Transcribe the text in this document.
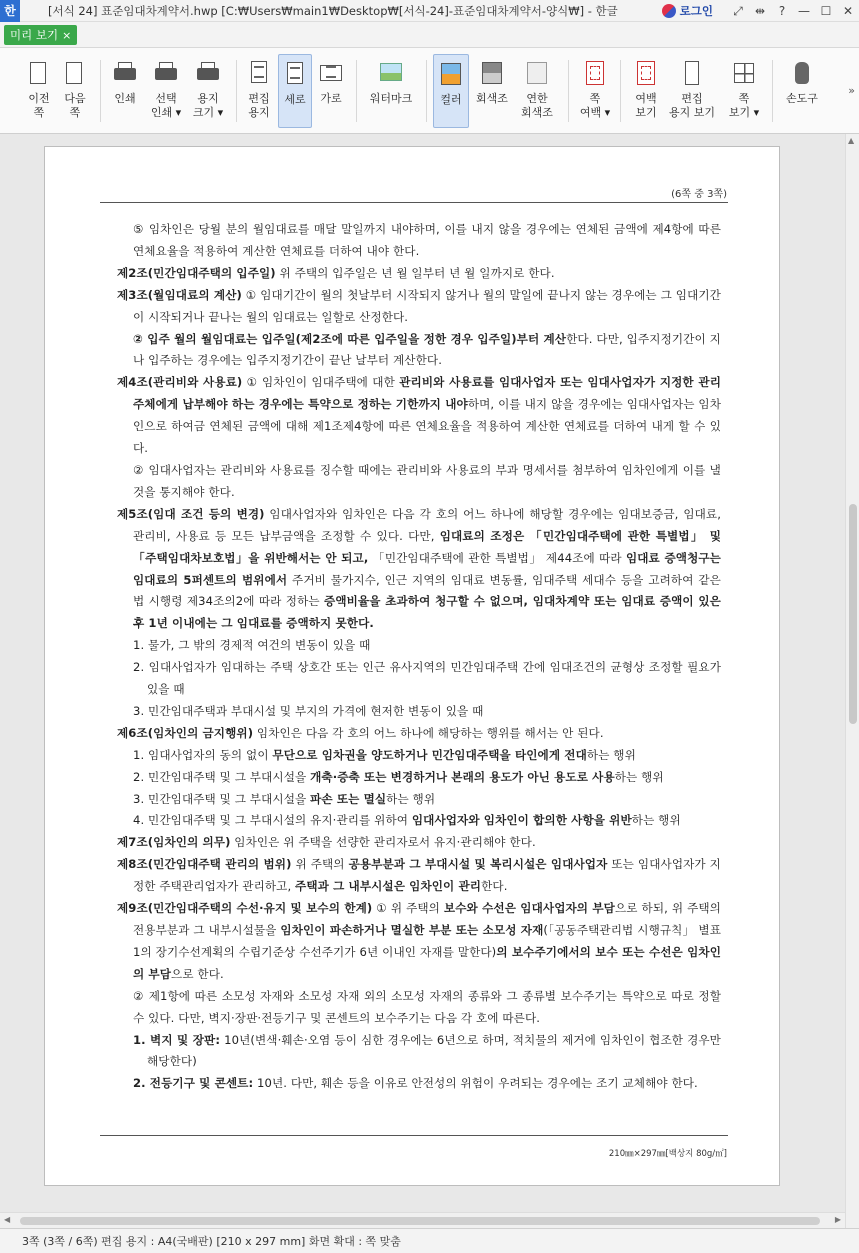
한	[서식 24] 표준임대차계약서.hwp [C:₩Users₩main1₩Desktop₩[서식-24]-표준임대차계약서-양식₩] - 한글	로그인	⤢	⇹	?	— ☐ ✕
미리 보기 ×
이전
쪽
다음
쪽
인쇄	선택
인쇄 ▾
용지
크기 ▾
편집
용지
세로 가로	워터마크	컬러 회색조	연한
회색조
쪽
여백 ▾
여백
보기
편집
용지 보기
쪽
보기 ▾
손도구
»
(6쪽 중 3쪽)

⑤ 임차인은 당월 분의 월임대료를 매달 말일까지 내야하며, 이를 내지 않을 경우에는 연체된 금액에 제4항에 따른 연체요율을 적용하여 계산한 연체료를 더하여 내야 한다.

제2조(민간임대주택의 입주일) 위 주택의 입주일은 년 월 일부터 년 월 일까지로 한다.

제3조(월임대료의 계산) ① 임대기간이 월의 첫날부터 시작되지 않거나 월의 말일에 끝나지 않는 경우에는 그 임대기간이 시작되거나 끝나는 월의 임대료는 일할로 산정한다.

② 입주 월의 월임대료는 입주일(제2조에 따른 입주일을 정한 경우 입주일)부터 계산한다. 다만, 입주지정기간이 지나 입주하는 경우에는 입주지정기간이 끝난 날부터 계산한다.

제4조(관리비와 사용료) ① 임차인이 임대주택에 대한 관리비와 사용료를 임대사업자 또는 임대사업자가 지정한 관리주체에게 납부해야 하는 경우에는 특약으로 정하는 기한까지 내야하며, 이를 내지 않을 경우에는 임대사업자는 임차인으로 하여금 연체된 금액에 대해 제1조제4항에 따른 연체요율을 적용하여 계산한 연체료를 더하여 내게 할 수 있다.

② 임대사업자는 관리비와 사용료를 징수할 때에는 관리비와 사용료의 부과 명세서를 첨부하여 임차인에게 이를 낼 것을 통지해야 한다.

제5조(임대 조건 등의 변경) 임대사업자와 임차인은 다음 각 호의 어느 하나에 해당할 경우에는 임대보증금, 임대료, 관리비, 사용료 등 모든 납부금액을 조정할 수 있다. 다만, 임대료의 조정은 「민간임대주택에 관한 특별법」 및 「주택임대차보호법」을 위반해서는 안 되고, 「민간임대주택에 관한 특별법」 제44조에 따라 임대료 증액청구는 임대료의 5퍼센트의 범위에서 주거비 물가지수, 인근 지역의 임대료 변동률, 임대주택 세대수 등을 고려하여 같은 법 시행령 제34조의2에 따라 정하는 증액비율을 초과하여 청구할 수 없으며, 임대차계약 또는 임대료 증액이 있은 후 1년 이내에는 그 임대료를 증액하지 못한다.

1. 물가, 그 밖의 경제적 여건의 변동이 있을 때

2. 임대사업자가 임대하는 주택 상호간 또는 인근 유사지역의 민간임대주택 간에 임대조건의 균형상 조정할 필요가 있을 때

3. 민간임대주택과 부대시설 및 부지의 가격에 현저한 변동이 있을 때

제6조(임차인의 금지행위) 임차인은 다음 각 호의 어느 하나에 해당하는 행위를 해서는 안 된다.

1. 임대사업자의 동의 없이 무단으로 임차권을 양도하거나 민간임대주택을 타인에게 전대하는 행위

2. 민간임대주택 및 그 부대시설을 개축·증축 또는 변경하거나 본래의 용도가 아닌 용도로 사용하는 행위

3. 민간임대주택 및 그 부대시설을 파손 또는 멸실하는 행위

4. 민간임대주택 및 그 부대시설의 유지·관리를 위하여 임대사업자와 임차인이 합의한 사항을 위반하는 행위

제7조(임차인의 의무) 임차인은 위 주택을 선량한 관리자로서 유지·관리해야 한다.

제8조(민간임대주택 관리의 범위) 위 주택의 공용부분과 그 부대시설 및 복리시설은 임대사업자 또는 임대사업자가 지정한 주택관리업자가 관리하고, 주택과 그 내부시설은 임차인이 관리한다.

제9조(민간임대주택의 수선·유지 및 보수의 한계) ① 위 주택의 보수와 수선은 임대사업자의 부담으로 하되, 위 주택의 전용부분과 그 내부시설물을 임차인이 파손하거나 멸실한 부분 또는 소모성 자재(「공동주택관리법 시행규칙」 별표 1의 장기수선계획의 수립기준상 수선주기가 6년 이내인 자재를 말한다)의 보수주기에서의 보수 또는 수선은 임차인의 부담으로 한다.

② 제1항에 따른 소모성 자재와 소모성 자재 외의 소모성 자재의 종류와 그 종류별 보수주기는 특약으로 따로 정할 수 있다. 다만, 벽지·장판·전등기구 및 콘센트의 보수주기는 다음 각 호에 따른다.

1. 벽지 및 장판: 10년(변색·훼손·오염 등이 심한 경우에는 6년으로 하며, 적치물의 제거에 임차인이 협조한 경우만 해당한다)

2. 전등기구 및 콘센트: 10년. 다만, 훼손 등을 이유로 안전성의 위험이 우려되는 경우에는 조기 교체해야 한다.

210㎜×297㎜[백상지 80g/㎡]
▲
◀	▶
3쪽 (3쪽 / 6쪽) 편집 용지 : A4(국배판) [210 x 297 mm] 화면 확대 : 쪽 맞춤
